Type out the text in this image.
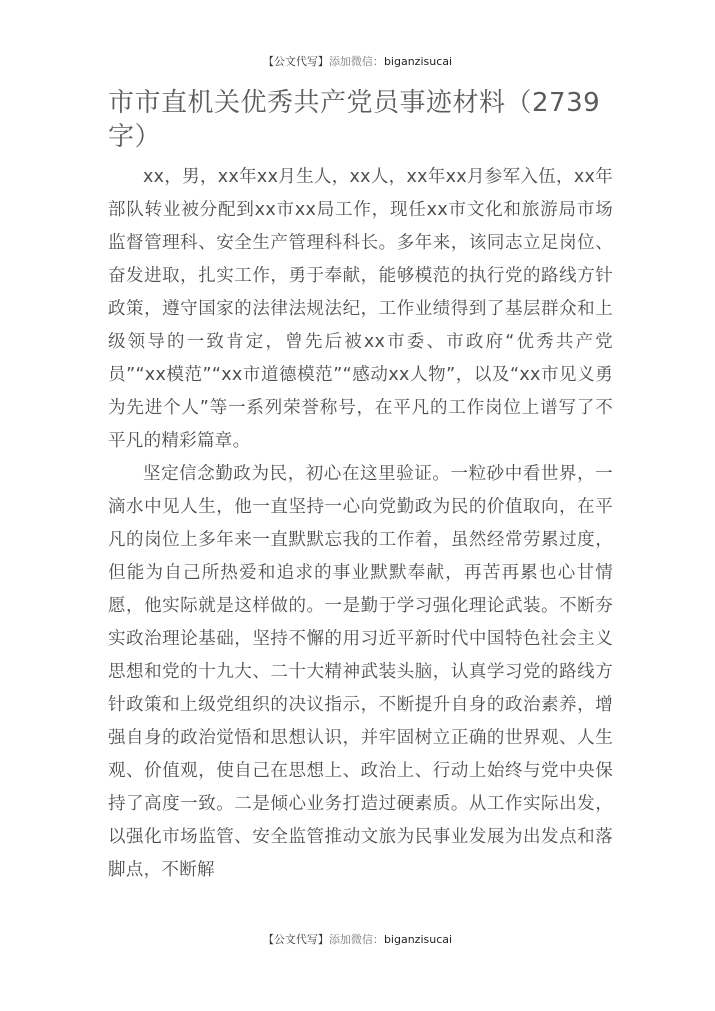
【公文代写】添加微信：biganzisucai
市市直机关优秀共产党员事迹材料（2739字）

xx，男，xx年xx月生人，xx人，xx年xx月参军入伍，xx年部队转业被分配到xx市xx局工作，现任xx市文化和旅游局市场监督管理科、安全生产管理科科长。多年来，该同志立足岗位、奋发进取，扎实工作，勇于奉献，能够模范的执行党的路线方针政策，遵守国家的法律法规法纪，工作业绩得到了基层群众和上级领导的一致肯定，曾先后被xx市委、市政府“优秀共产党员”“xx模范”“xx市道德模范”“感动xx人物”，以及“xx市见义勇为先进个人”等一系列荣誉称号，在平凡的工作岗位上谱写了不平凡的精彩篇章。

坚定信念勤政为民，初心在这里验证。一粒砂中看世界，一滴水中见人生，他一直坚持一心向党勤政为民的价值取向，在平凡的岗位上多年来一直默默忘我的工作着，虽然经常劳累过度，但能为自己所热爱和追求的事业默默奉献，再苦再累也心甘情愿，他实际就是这样做的。一是勤于学习强化理论武装。不断夯实政治理论基础，坚持不懈的用习近平新时代中国特色社会主义思想和党的十九大、二十大精神武装头脑，认真学习党的路线方针政策和上级党组织的决议指示，不断提升自身的政治素养，增强自身的政治觉悟和思想认识，并牢固树立正确的世界观、人生观、价值观，使自己在思想上、政治上、行动上始终与党中央保持了高度一致。二是倾心业务打造过硬素质。从工作实际出发，以强化市场监管、安全监管推动文旅为民事业发展为出发点和落脚点，不断解

【公文代写】添加微信：biganzisucai
